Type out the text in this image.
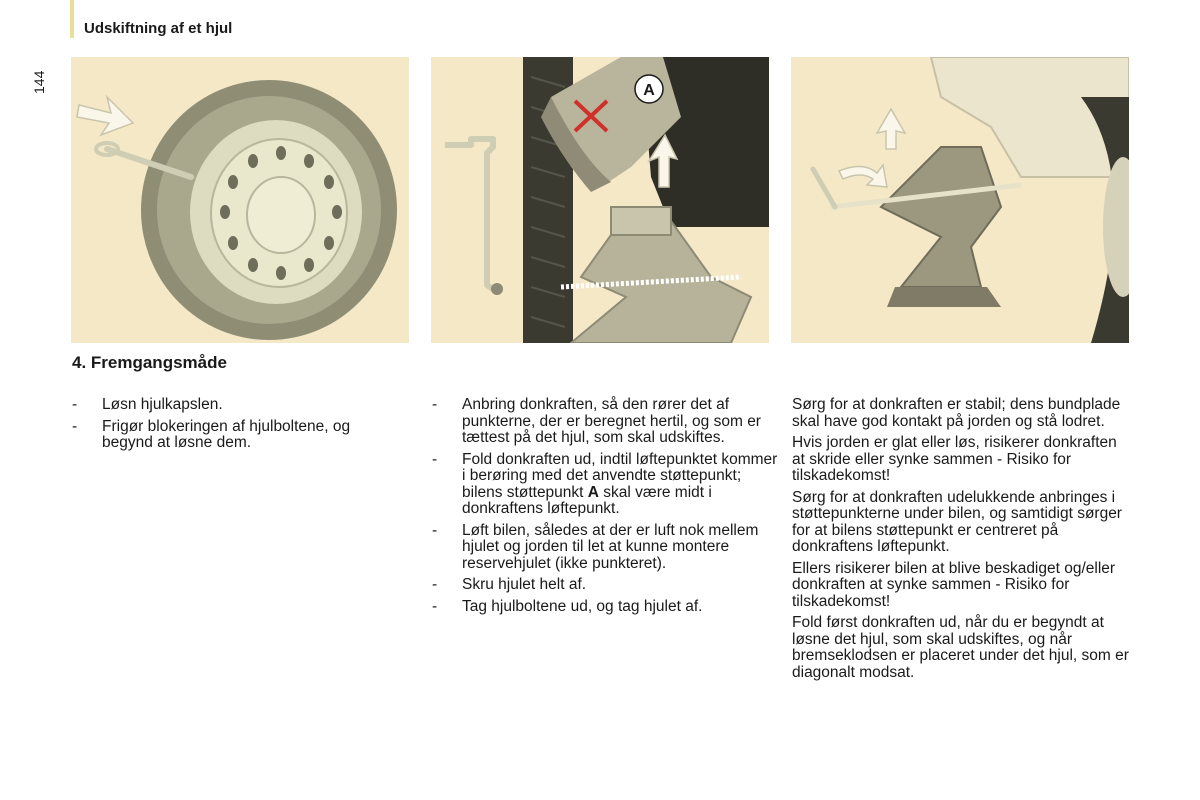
Udskiftning af et hjul
144	A
4. Fremgangsmåde
- Løsn hjulkapslen.
- Frigør blokeringen af hjulboltene, og begynd at løsne dem.
- Anbring donkraften, så den rører det af punkterne, der er beregnet hertil, og som er tættest på det hjul, som skal udskiftes.
- Fold donkraften ud, indtil løftepunktet kommer i berøring med det anvendte støttepunkt; bilens støttepunkt A skal være midt i donkraftens løftepunkt.
- Løft bilen, således at der er luft nok mellem hjulet og jorden til let at kunne montere reservehjulet (ikke punkteret).
- Skru hjulet helt af.
- Tag hjulboltene ud, og tag hjulet af.

Sørg for at donkraften er stabil; dens bundplade skal have god kontakt på jorden og stå lodret.

Hvis jorden er glat eller løs, risikerer donkraften at skride eller synke sammen - Risiko for tilskadekomst!

Sørg for at donkraften udelukkende anbringes i støttepunkterne under bilen, og samtidigt sørger for at bilens støttepunkt er centreret på donkraftens løftepunkt.

Ellers risikerer bilen at blive beskadiget og/eller donkraften at synke sammen - Risiko for tilskadekomst!

Fold først donkraften ud, når du er begyndt at løsne det hjul, som skal udskiftes, og når bremseklodsen er placeret under det hjul, som er diagonalt modsat.
